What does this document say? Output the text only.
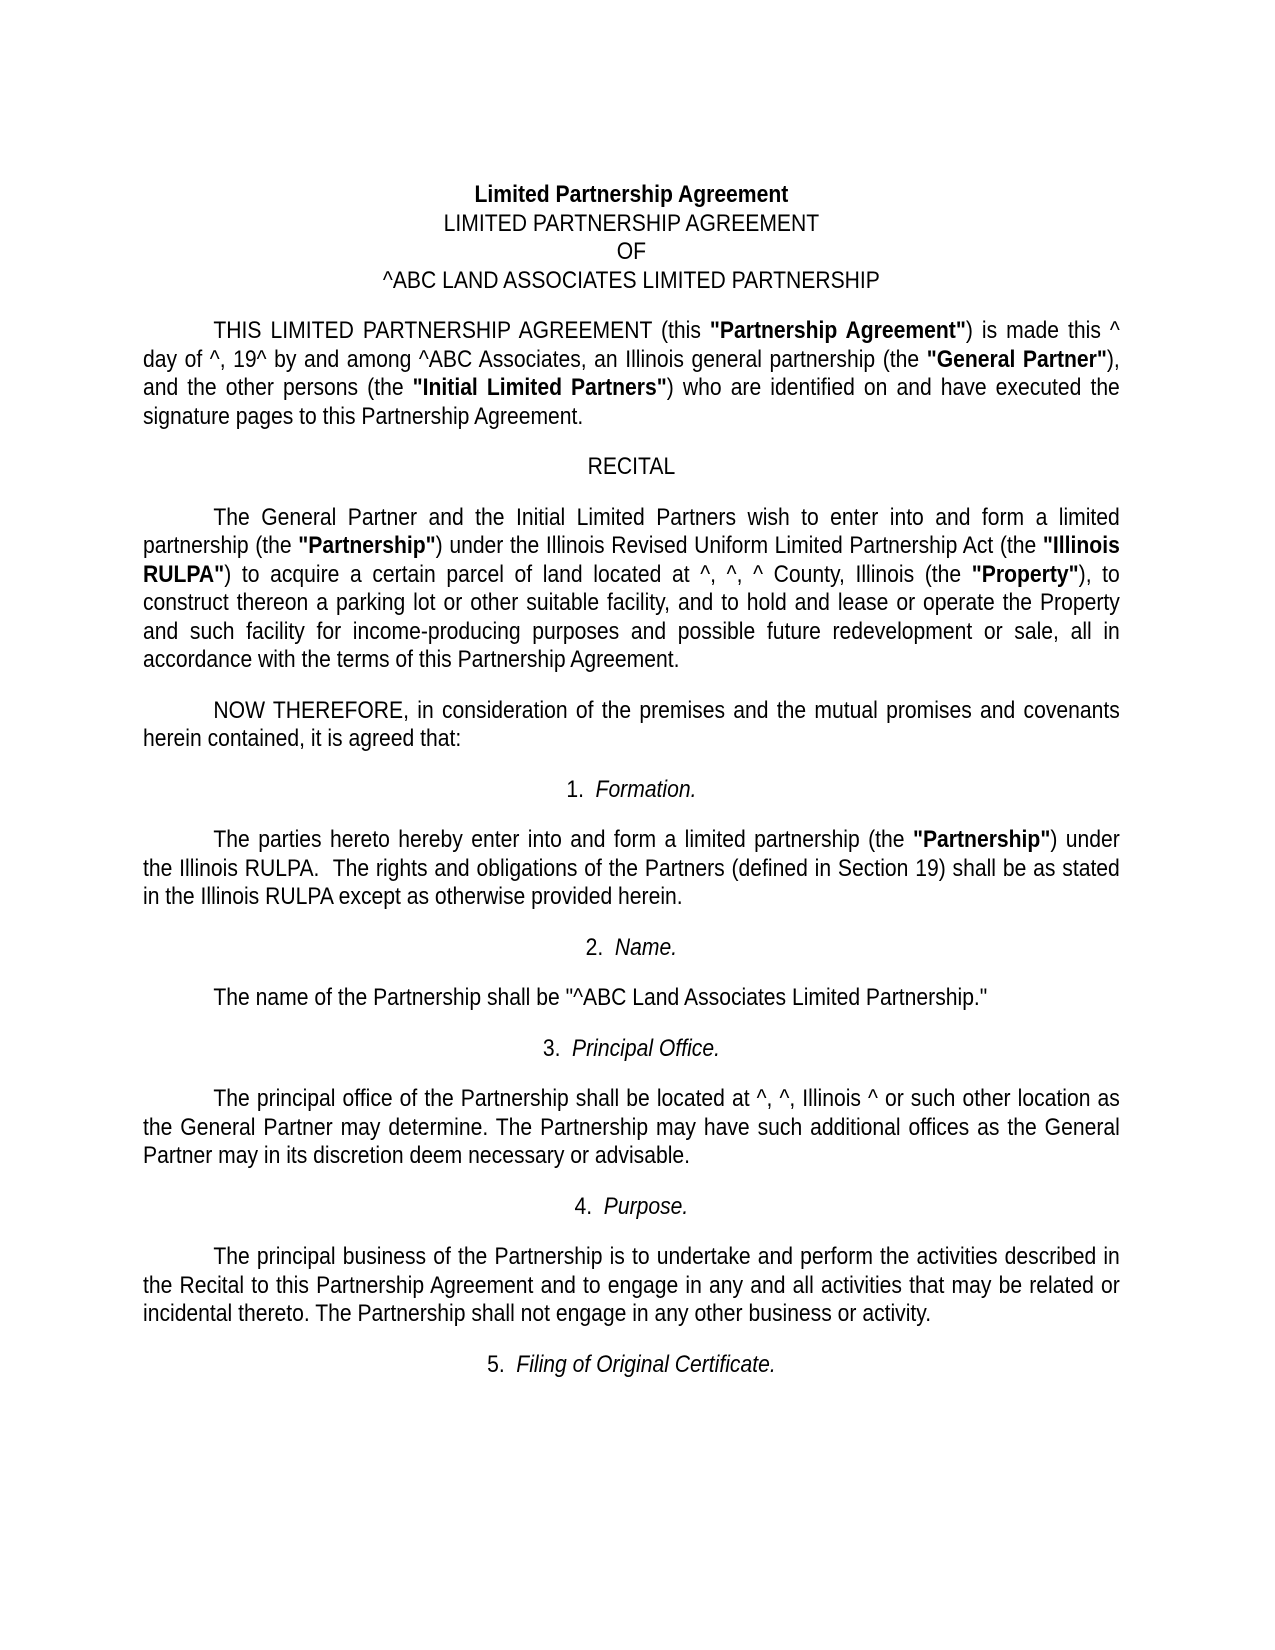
Limited Partnership Agreement

LIMITED PARTNERSHIP AGREEMENT

OF

^ABC LAND ASSOCIATES LIMITED PARTNERSHIP

THIS LIMITED PARTNERSHIP AGREEMENT (this "Partnership Agreement") is made this ^ day of ^, 19^ by and among ^ABC Associates, an Illinois general partnership (the "General Partner"), and the other persons (the "Initial Limited Partners") who are identified on and have executed the signature pages to this Partnership Agreement.

RECITAL

The General Partner and the Initial Limited Partners wish to enter into and form a limited partnership (the "Partnership") under the Illinois Revised Uniform Limited Partnership Act (the "Illinois RULPA") to acquire a certain parcel of land located at ^, ^, ^ County, Illinois (the "Property"), to construct thereon a parking lot or other suitable facility, and to hold and lease or operate the Property and such facility for income-producing purposes and possible future redevelopment or sale, all in accordance with the terms of this Partnership Agreement.

NOW THEREFORE, in consideration of the premises and the mutual promises and covenants herein contained, it is agreed that:

1. Formation.

The parties hereto hereby enter into and form a limited partnership (the "Partnership") under the Illinois RULPA.  The rights and obligations of the Partners (defined in Section 19) shall be as stated in the Illinois RULPA except as otherwise provided herein.

2. Name.

The name of the Partnership shall be "^ABC Land Associates Limited Partnership."

3. Principal Office.

The principal office of the Partnership shall be located at ^, ^, Illinois ^ or such other location as the General Partner may determine. The Partnership may have such additional offices as the General Partner may in its discretion deem necessary or advisable.

4. Purpose.

The principal business of the Partnership is to undertake and perform the activities described in the Recital to this Partnership Agreement and to engage in any and all activities that may be related or incidental thereto. The Partnership shall not engage in any other business or activity.

5. Filing of Original Certificate.
